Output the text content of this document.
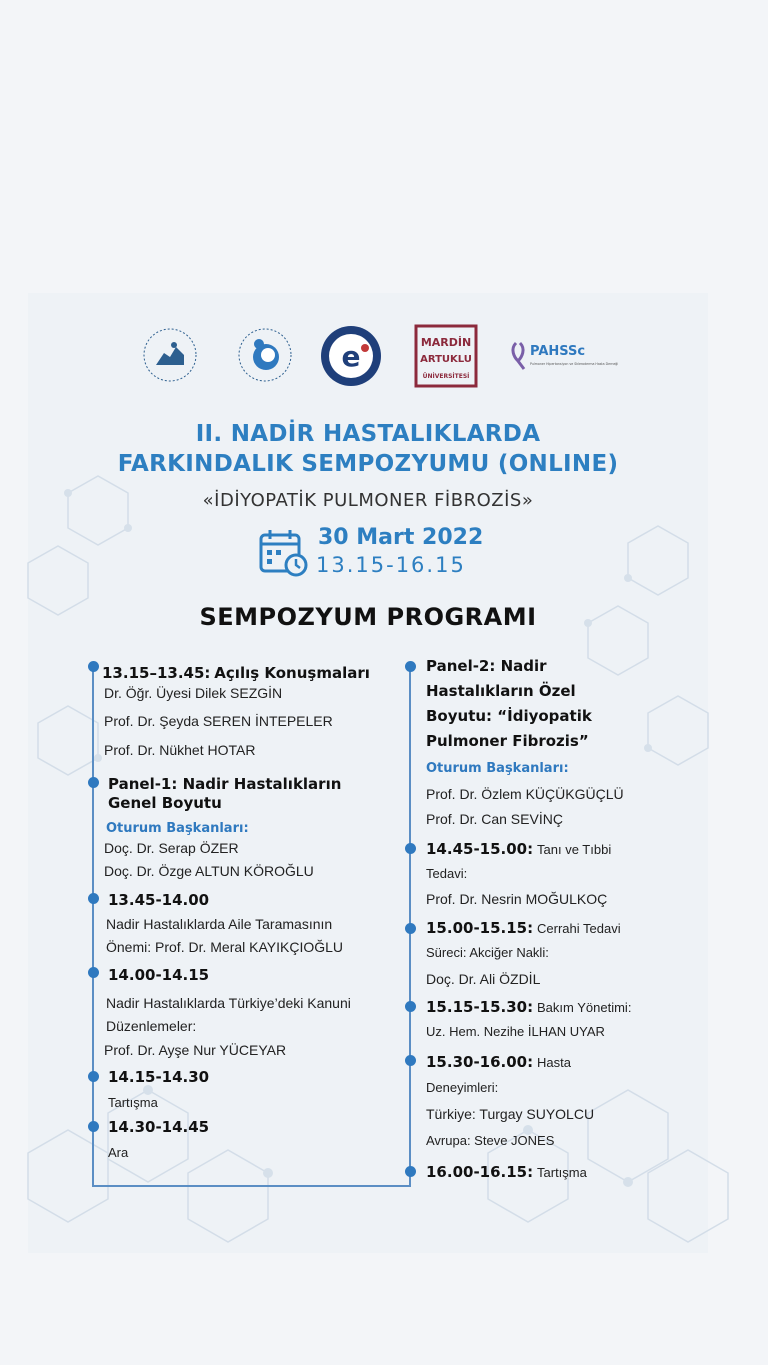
e	MARDİN
ARTUKLU
ÜNİVERSİTESİ
PAHSSc
Pulmoner Hipertansiyon ve Skleroderma Hasta Derneği
II. NADİR HASTALIKLARDA
FARKINDALIK SEMPOZYUMU (ONLINE)
«İDİYOPATİK PULMONER FİBROZİS»
30 Mart 2022
13.15-16.15
SEMPOZYUM PROGRAMI
13.15–13.45: Açılış Konuşmaları
Dr. Öğr. Üyesi Dilek SEZGİN
Prof. Dr. Şeyda SEREN İNTEPELER
Prof. Dr. Nükhet HOTAR
Panel-1: Nadir Hastalıkların
Genel Boyutu
Oturum Başkanları:
Doç. Dr. Serap ÖZER
Doç. Dr. Özge ALTUN KÖROĞLU
13.45-14.00
Nadir Hastalıklarda Aile Taramasının
Önemi: Prof. Dr. Meral KAYIKÇIOĞLU
14.00-14.15
Nadir Hastalıklarda Türkiye’deki Kanuni
Düzenlemeler:
Prof. Dr. Ayşe Nur YÜCEYAR
14.15-14.30
Tartışma
14.30-14.45
Ara
Panel-2: Nadir
Hastalıkların Özel
Boyutu: “İdiyopatik
Pulmoner Fibrozis”
Oturum Başkanları:
Prof. Dr. Özlem KÜÇÜKGÜÇLÜ
Prof. Dr. Can SEVİNÇ
14.45-15.00: Tanı ve Tıbbi
Tedavi:
Prof. Dr. Nesrin MOĞULKOÇ
15.00-15.15: Cerrahi Tedavi
Süreci: Akciğer Nakli:
Doç. Dr. Ali ÖZDİL
15.15-15.30: Bakım Yönetimi:
Uz. Hem. Nezihe İLHAN UYAR
15.30-16.00: Hasta
Deneyimleri:
Türkiye: Turgay SUYOLCU
Avrupa: Steve JONES
16.00-16.15: Tartışma
